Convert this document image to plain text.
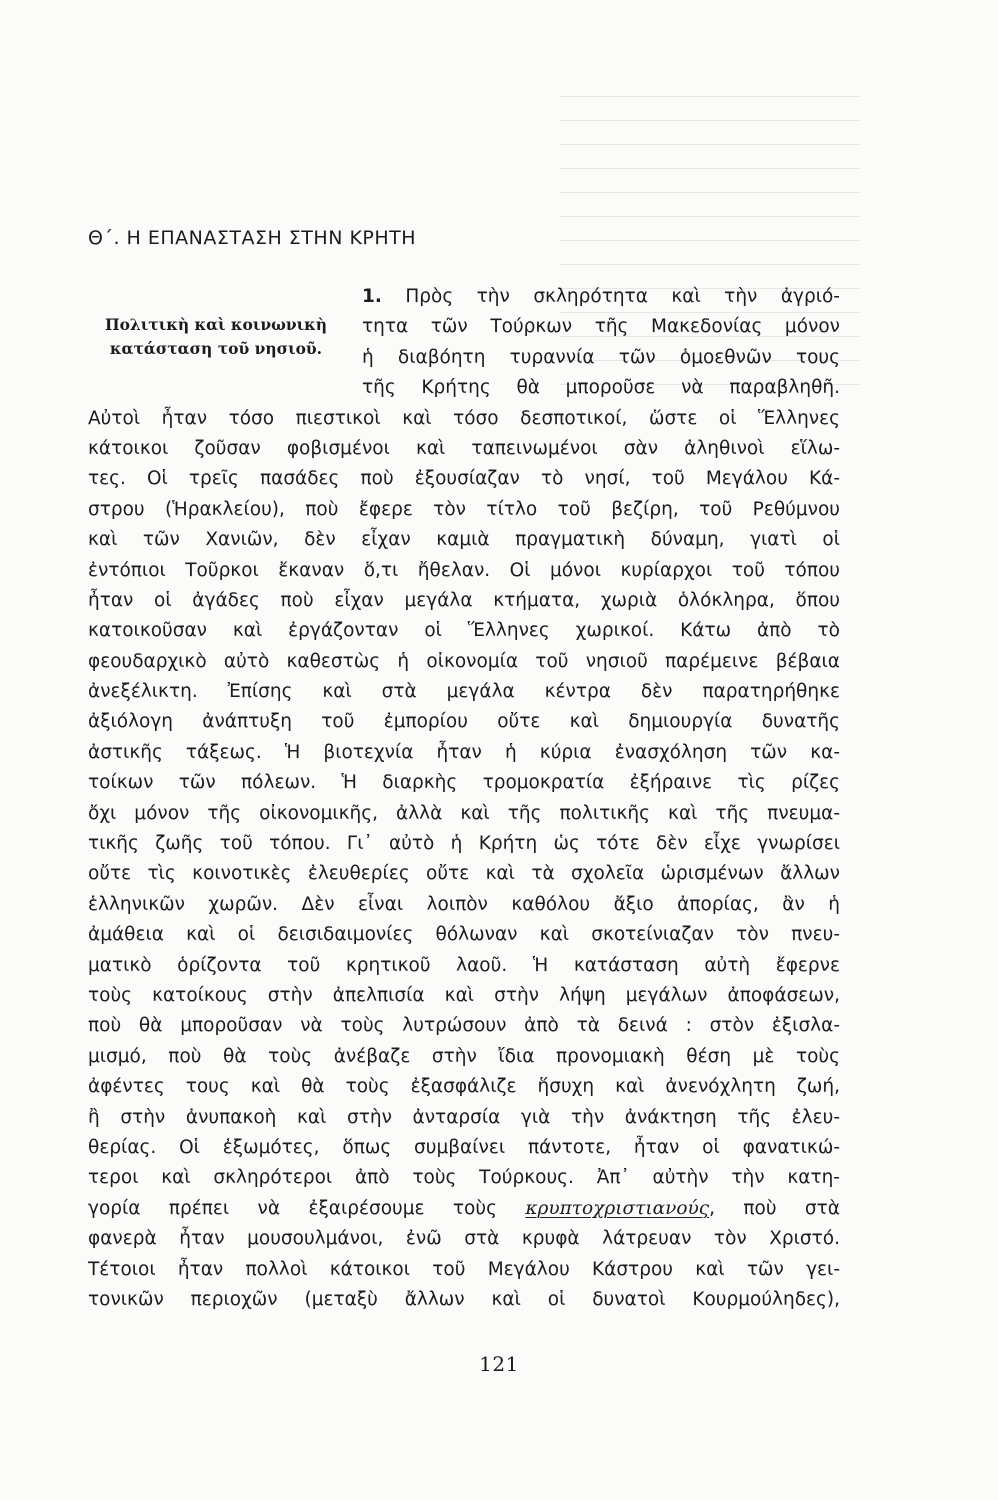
Θ΄. Η ΕΠΑΝΑΣΤΑΣΗ ΣΤΗΝ ΚΡΗΤΗ
Πολιτικὴ καὶ κοινωνικὴ
κατάσταση τοῦ νησιοῦ.
1. Πρὸς τὴν σκληρότητα καὶ τὴν ἀγριό-
τητα τῶν Τούρκων τῆς Μακεδονίας μόνον
ἡ διαβόητη τυραννία τῶν ὁμοεθνῶν τους
τῆς Κρήτης θὰ μποροῦσε νὰ παραβληθῆ.
Αὐτοὶ ἦταν τόσο πιεστικοὶ καὶ τόσο δεσποτικοί, ὥστε οἱ Ἕλληνες
κάτοικοι ζοῦσαν φοβισμένοι καὶ ταπεινωμένοι σὰν ἀληθινοὶ εἵλω-
τες. Οἱ τρεῖς πασάδες ποὺ ἐξουσίαζαν τὸ νησί, τοῦ Μεγάλου Κά-
στρου (Ἡρακλείου), ποὺ ἔφερε τὸν τίτλο τοῦ βεζίρη, τοῦ Ρεθύμνου
καὶ τῶν Χανιῶν, δὲν εἶχαν καμιὰ πραγματικὴ δύναμη, γιατὶ οἱ
ἐντόπιοι Τοῦρκοι ἔκαναν ὅ,τι ἤθελαν. Οἱ μόνοι κυρίαρχοι τοῦ τόπου
ἦταν οἱ ἀγάδες ποὺ εἶχαν μεγάλα κτήματα, χωριὰ ὁλόκληρα, ὅπου
κατοικοῦσαν καὶ ἐργάζονταν οἱ Ἕλληνες χωρικοί. Κάτω ἀπὸ τὸ
φεουδαρχικὸ αὐτὸ καθεστὼς ἡ οἰκονομία τοῦ νησιοῦ παρέμεινε βέβαια
ἀνεξέλικτη. Ἐπίσης καὶ στὰ μεγάλα κέντρα δὲν παρατηρήθηκε
ἀξιόλογη ἀνάπτυξη τοῦ ἐμπορίου οὔτε καὶ δημιουργία δυνατῆς
ἀστικῆς τάξεως. Ἡ βιοτεχνία ἦταν ἡ κύρια ἐνασχόληση τῶν κα-
τοίκων τῶν πόλεων. Ἡ διαρκὴς τρομοκρατία ἐξήραινε τὶς ρίζες
ὄχι μόνον τῆς οἰκονομικῆς, ἀλλὰ καὶ τῆς πολιτικῆς καὶ τῆς πνευμα-
τικῆς ζωῆς τοῦ τόπου. Γι᾿ αὐτὸ ἡ Κρήτη ὡς τότε δὲν εἶχε γνωρίσει
οὔτε τὶς κοινοτικὲς ἐλευθερίες οὔτε καὶ τὰ σχολεῖα ὡρισμένων ἄλλων
ἑλληνικῶν χωρῶν. Δὲν εἶναι λοιπὸν καθόλου ἄξιο ἀπορίας, ἂν ἡ
ἀμάθεια καὶ οἱ δεισιδαιμονίες θόλωναν καὶ σκοτείνιαζαν τὸν πνευ-
ματικὸ ὁρίζοντα τοῦ κρητικοῦ λαοῦ. Ἡ κατάσταση αὐτὴ ἔφερνε
τοὺς κατοίκους στὴν ἀπελπισία καὶ στὴν λήψη μεγάλων ἀποφάσεων,
ποὺ θὰ μποροῦσαν νὰ τοὺς λυτρώσουν ἀπὸ τὰ δεινά : στὸν ἐξισλα-
μισμό, ποὺ θὰ τοὺς ἀνέβαζε στὴν ἴδια προνομιακὴ θέση μὲ τοὺς
ἀφέντες τους καὶ θὰ τοὺς ἐξασφάλιζε ἥσυχη καὶ ἀνενόχλητη ζωή,
ἢ στὴν ἀνυπακοὴ καὶ στὴν ἀνταρσία γιὰ τὴν ἀνάκτηση τῆς ἐλευ-
θερίας. Οἱ ἐξωμότες, ὅπως συμβαίνει πάντοτε, ἦταν οἱ φανατικώ-
τεροι καὶ σκληρότεροι ἀπὸ τοὺς Τούρκους. Ἀπ᾿ αὐτὴν τὴν κατη-
γορία πρέπει νὰ ἐξαιρέσουμε τοὺς κρυπτοχριστιανούς, ποὺ στὰ
φανερὰ ἦταν μουσουλμάνοι, ἐνῶ στὰ κρυφὰ λάτρευαν τὸν Χριστό.
Τέτοιοι ἦταν πολλοὶ κάτοικοι τοῦ Μεγάλου Κάστρου καὶ τῶν γει-
τονικῶν περιοχῶν (μεταξὺ ἄλλων καὶ οἱ δυνατοὶ Κουρμούληδες),

121
